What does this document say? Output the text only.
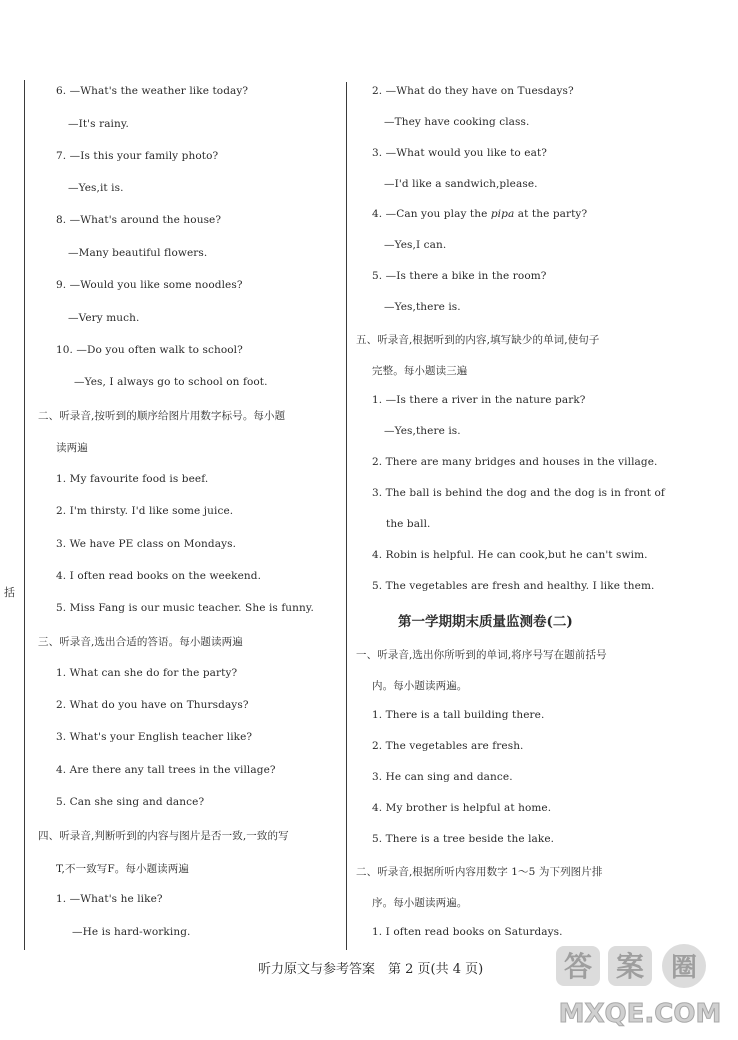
括
6. —What's the weather like today?
—It's rainy.
7. —Is this your family photo?
—Yes,it is.
8. —What's around the house?
—Many beautiful flowers.
9. —Would you like some noodles?
—Very much.
10. —Do you often walk to school?
—Yes, I always go to school on foot.
二、听录音,按听到的顺序给图片用数字标号。每小题
读两遍
1. My favourite food is beef.
2. I'm thirsty. I'd like some juice.
3. We have PE class on Mondays.
4. I often read books on the weekend.
5. Miss Fang is our music teacher. She is funny.
三、听录音,选出合适的答语。每小题读两遍
1. What can she do for the party?
2. What do you have on Thursdays?
3. What's your English teacher like?
4. Are there any tall trees in the village?
5. Can she sing and dance?
四、听录音,判断听到的内容与图片是否一致,一致的写
T,不一致写F。每小题读两遍
1. —What's he like?
—He is hard-working.
2. —What do they have on Tuesdays?
—They have cooking class.
3. —What would you like to eat?
—I'd like a sandwich,please.
4. —Can you play the pipa at the party?
—Yes,I can.
5. —Is there a bike in the room?
—Yes,there is.
五、听录音,根据听到的内容,填写缺少的单词,使句子
完整。每小题读三遍
1. —Is there a river in the nature park?
—Yes,there is.
2. There are many bridges and houses in the village.
3. The ball is behind the dog and the dog is in front of
the ball.
4. Robin is helpful. He can cook,but he can't swim.
5. The vegetables are fresh and healthy. I like them.
第一学期期末质量监测卷(二)
一、听录音,选出你所听到的单词,将序号写在题前括号
内。每小题读两遍。
1. There is a tall building there.
2. The vegetables are fresh.
3. He can sing and dance.
4. My brother is helpful at home.
5. There is a tree beside the lake.
二、听录音,根据所听内容用数字 1～5 为下列图片排
序。每小题读两遍。
1. I often read books on Saturdays.
听力原文与参考答案　第 2 页(共 4 页)	答 案 圈
MXQE.COM
